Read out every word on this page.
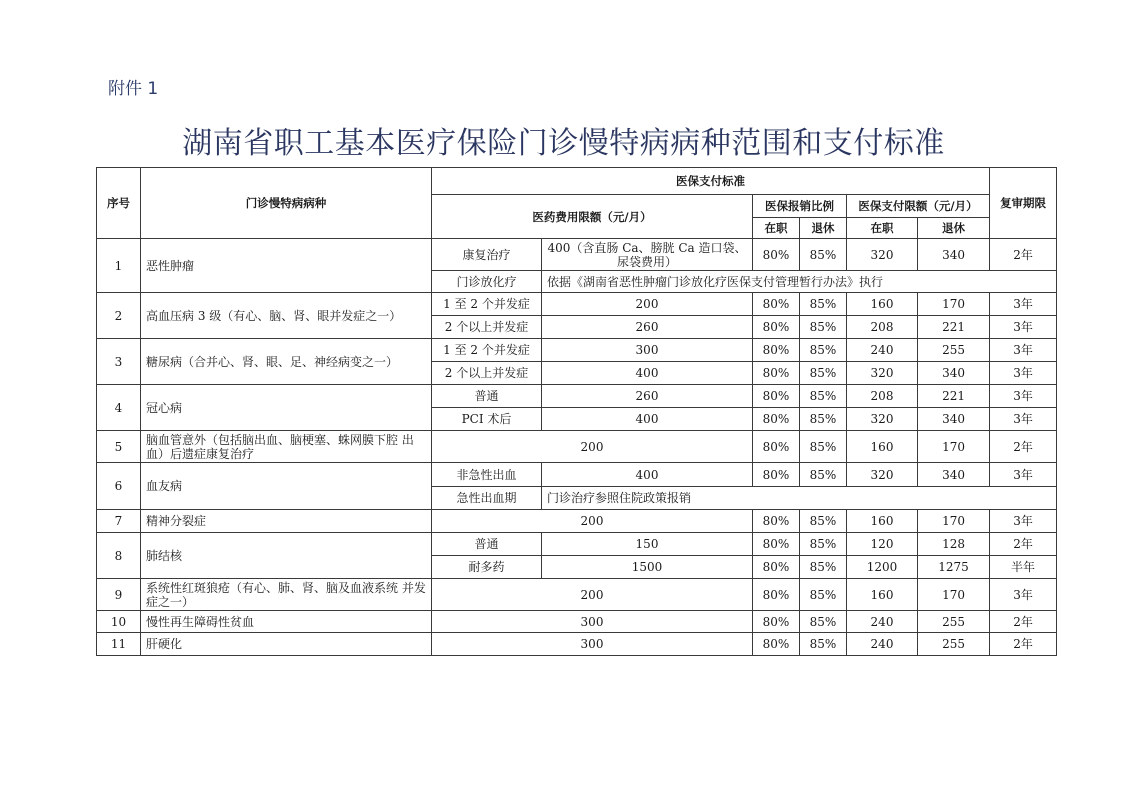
附件 1
湖南省职工基本医疗保险门诊慢特病病种范围和支付标准
序号	门诊慢特病病种	医保支付标准						复审期限
		医药费用限额（元/月）		医保报销比例		医保支付限额（元/月）		
				在职	退休	在职	退休	
1	恶性肿瘤	康复治疗	400（含直肠 Ca、膀胱 Ca 造口袋、尿袋费用）	80%	85%	320	340	2年
		门诊放化疗	依据《湖南省恶性肿瘤门诊放化疗医保支付管理暂行办法》执行					
2	高血压病 3 级（有心、脑、肾、眼并发症之一）	1 至 2 个并发症	200	80%	85%	160	170	3年
		2 个以上并发症	260	80%	85%	208	221	3年
3	糖尿病（合并心、肾、眼、足、神经病变之一）	1 至 2 个并发症	300	80%	85%	240	255	3年
		2 个以上并发症	400	80%	85%	320	340	3年
4	冠心病	普通	260	80%	85%	208	221	3年
		PCI 术后	400	80%	85%	320	340	3年
5	脑血管意外（包括脑出血、脑梗塞、蛛网膜下腔 出血）后遗症康复治疗	200		80%	85%	160	170	2年
6	血友病	非急性出血	400	80%	85%	320	340	3年
		急性出血期	门诊治疗参照住院政策报销					
7	精神分裂症	200		80%	85%	160	170	3年
8	肺结核	普通	150	80%	85%	120	128	2年
		耐多药	1500	80%	85%	1200	1275	半年
9	系统性红斑狼疮（有心、肺、肾、脑及血液系统 并发症之一）	200		80%	85%	160	170	3年
10	慢性再生障碍性贫血	300		80%	85%	240	255	2年
11	肝硬化	300		80%	85%	240	255	2年
